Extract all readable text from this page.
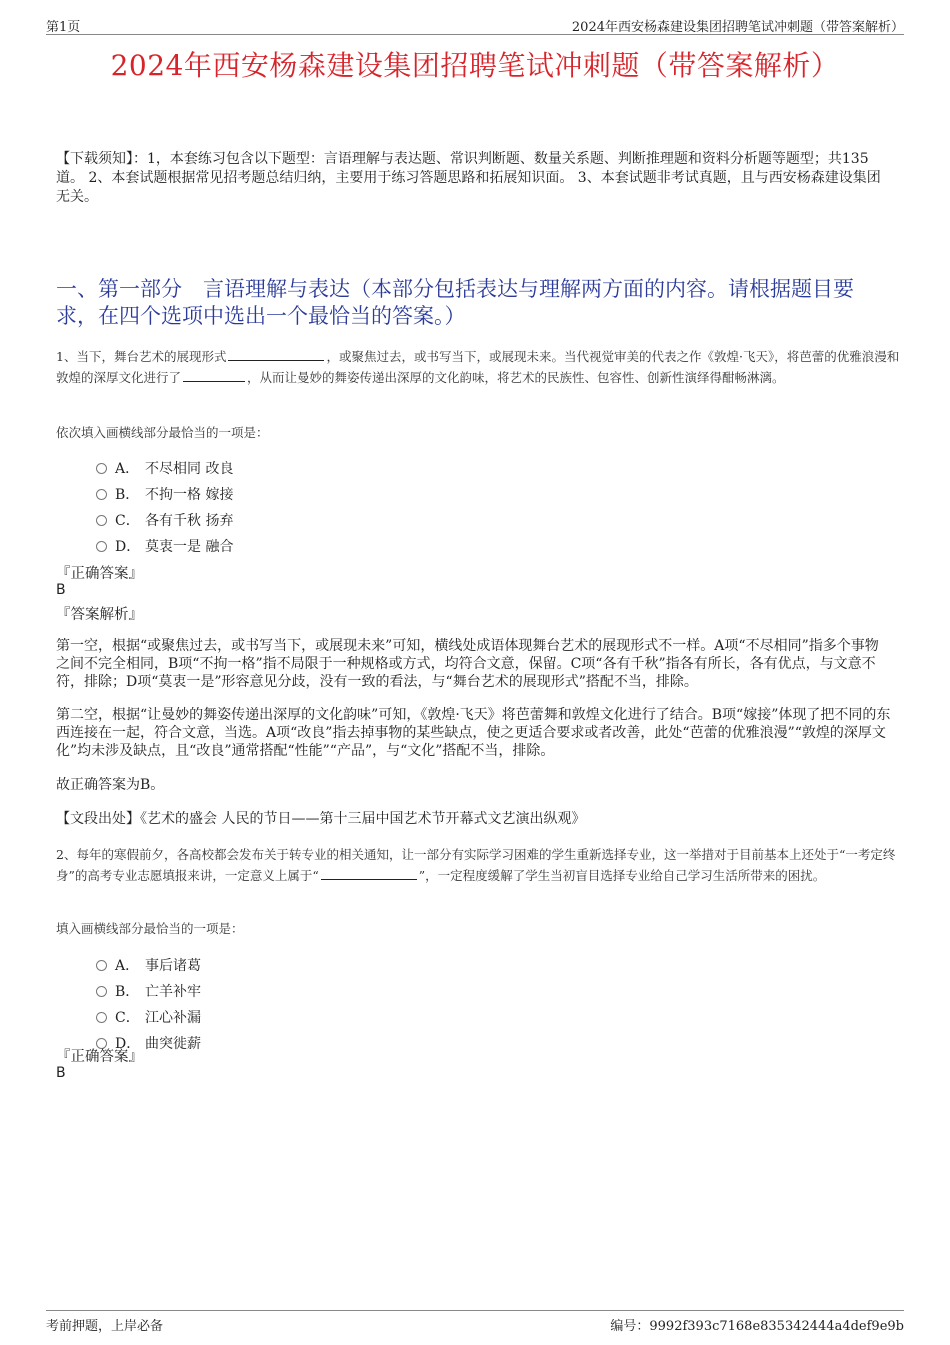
第1页	2024年西安杨森建设集团招聘笔试冲刺题（带答案解析）
2024年西安杨森建设集团招聘笔试冲刺题（带答案解析）
【下载须知】：1，本套练习包含以下题型：言语理解与表达题、常识判断题、数量关系题、判断推理题和资料分析题等题型；共135道。 2、本套试题根据常见招考题总结归纳，主要用于练习答题思路和拓展知识面。 3、本套试题非考试真题，且与西安杨森建设集团无关。
一、第一部分　言语理解与表达（本部分包括表达与理解两方面的内容。请根据题目要求，在四个选项中选出一个最恰当的答案。）
1、当下，舞台艺术的展现形式	，或聚焦过去，或书写当下，或展现未来。当代视觉审美的代表之作《敦煌·飞天》，将芭蕾的优雅浪漫和敦煌的深厚文化进行了	，从而让曼妙的舞姿传递出深厚的文化韵味，将艺术的民族性、包容性、创新性演绎得酣畅淋漓。
依次填入画横线部分最恰当的一项是：
A． 不尽相同 改良
B． 不拘一格 嫁接
C． 各有千秋 扬弃
D． 莫衷一是 融合
『正确答案』
B
『答案解析』
第一空，根据“或聚焦过去，或书写当下，或展现未来”可知，横线处成语体现舞台艺术的展现形式不一样。A项“不尽相同”指多个事物之间不完全相同，B项“不拘一格”指不局限于一种规格或方式，均符合文意，保留。C项“各有千秋”指各有所长，各有优点，与文意不符，排除；D项“莫衷一是”形容意见分歧，没有一致的看法，与“舞台艺术的展现形式”搭配不当，排除。
第二空，根据“让曼妙的舞姿传递出深厚的文化韵味”可知，《敦煌·飞天》将芭蕾舞和敦煌文化进行了结合。B项“嫁接”体现了把不同的东西连接在一起，符合文意，当选。A项“改良”指去掉事物的某些缺点，使之更适合要求或者改善，此处“芭蕾的优雅浪漫”“敦煌的深厚文化”均未涉及缺点，且“改良”通常搭配“性能”“产品”，与“文化”搭配不当，排除。
故正确答案为B。
【文段出处】《艺术的盛会 人民的节日——第十三届中国艺术节开幕式文艺演出纵观》
2、每年的寒假前夕，各高校都会发布关于转专业的相关通知，让一部分有实际学习困难的学生重新选择专业，这一举措对于目前基本上还处于“一考定终身”的高考专业志愿填报来讲，一定意义上属于“	”，一定程度缓解了学生当初盲目选择专业给自己学习生活所带来的困扰。
填入画横线部分最恰当的一项是：
A． 事后诸葛
B． 亡羊补牢
C． 江心补漏
D． 曲突徙薪
『正确答案』
B
考前押题，上岸必备	编号：9992f393c7168e835342444a4def9e9b
